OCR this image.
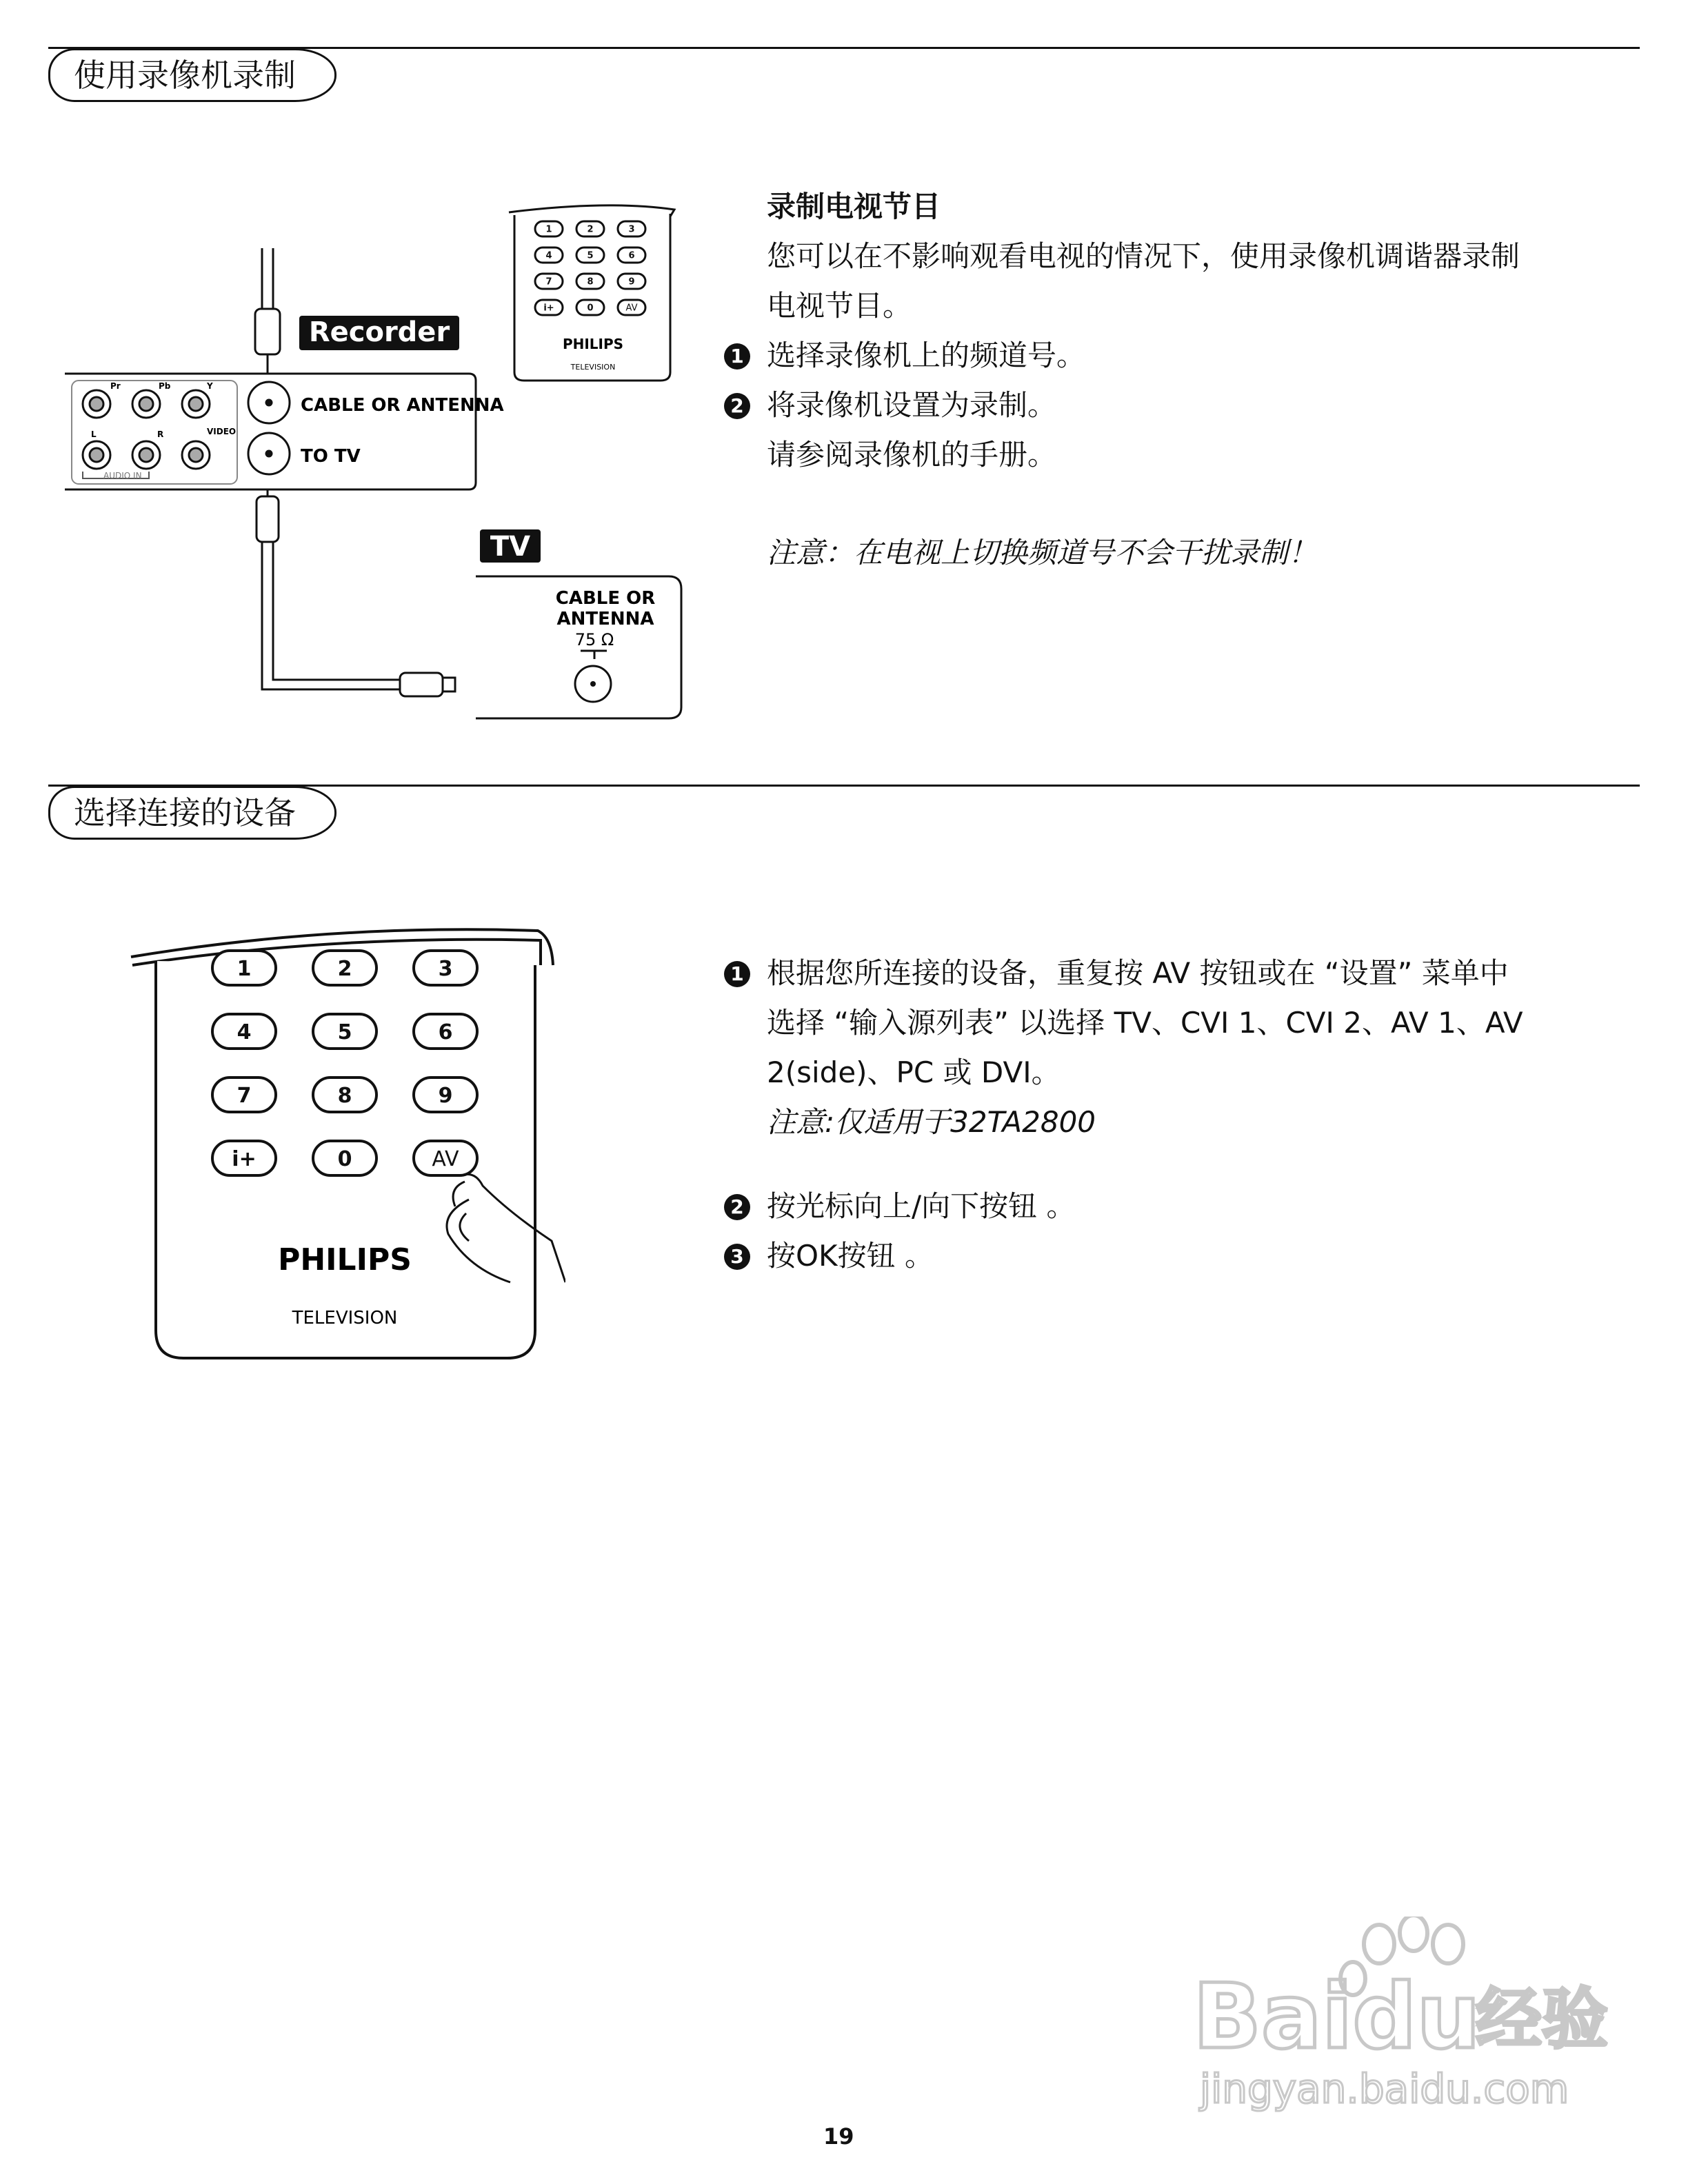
使用录像机录制
Recorder
Pr	Pb	Y
L	R	VIDEO
AUDIO IN
CABLE OR ANTENNA
TO TV
TV
CABLE OR
ANTENNA
75 Ω
1	2	3
4	5	6
7	8	9
i+	0	AV
PHILIPS
TELEVISION
录制电视节目
您可以在不影响观看电视的情况下，使用录像机调谐器录制
电视节目。
1 选择录像机上的频道号。
2 将录像机设置为录制。
请参阅录像机的手册。
注意：在电视上切换频道号不会干扰录制！
选择连接的设备
1	2	3
4	5	6
7	8	9
i+	0	AV
PHILIPS
TELEVISION
1 根据您所连接的设备，重复按 AV 按钮或在 “设置” 菜单中
选择 “输入源列表” 以选择 TV、CVI 1、CVI 2、AV 1、AV
2(side)、PC 或 DVI。
注意:仅适用于32TA2800
2 按光标向上/向下按钮 。
3 按OK按钮 。
Baidu
经验
jingyan.baidu.com
19
